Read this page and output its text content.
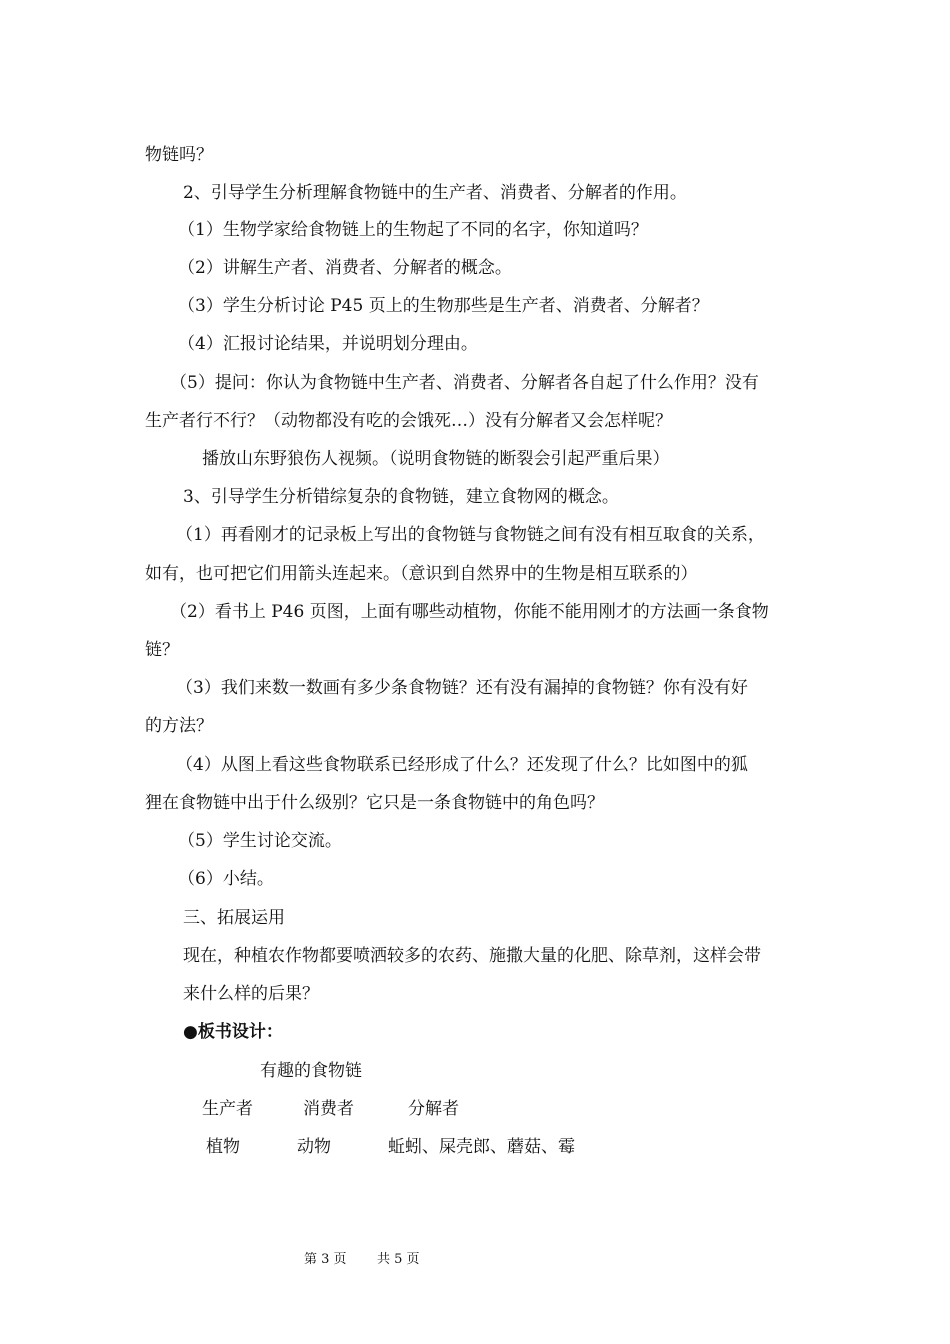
物链吗？
2、引导学生分析理解食物链中的生产者、消费者、分解者的作用。
（1）生物学家给食物链上的生物起了不同的名字，你知道吗？
（2）讲解生产者、消费者、分解者的概念。
（3）学生分析讨论 P45 页上的生物那些是生产者、消费者、分解者？
（4）汇报讨论结果，并说明划分理由。
（5）提问：你认为食物链中生产者、消费者、分解者各自起了什么作用？没有
生产者行不行？（动物都没有吃的会饿死…）没有分解者又会怎样呢？
播放山东野狼伤人视频。（说明食物链的断裂会引起严重后果）
3、引导学生分析错综复杂的食物链，建立食物网的概念。
（1）再看刚才的记录板上写出的食物链与食物链之间有没有相互取食的关系，
如有，也可把它们用箭头连起来。（意识到自然界中的生物是相互联系的）
（2）看书上 P46 页图，上面有哪些动植物，你能不能用刚才的方法画一条食物
链？
（3）我们来数一数画有多少条食物链？还有没有漏掉的食物链？你有没有好
的方法？
（4）从图上看这些食物联系已经形成了什么？还发现了什么？比如图中的狐
狸在食物链中出于什么级别？它只是一条食物链中的角色吗？
（5）学生讨论交流。
（6）小结。
三、拓展运用
现在，种植农作物都要喷洒较多的农药、施撒大量的化肥、除草剂，这样会带
来什么样的后果？
●板书设计：
有趣的食物链
生产者	消费者	分解者
植物	动物	蚯蚓、屎壳郎、蘑菇、霉
第 3 页 共 5 页
